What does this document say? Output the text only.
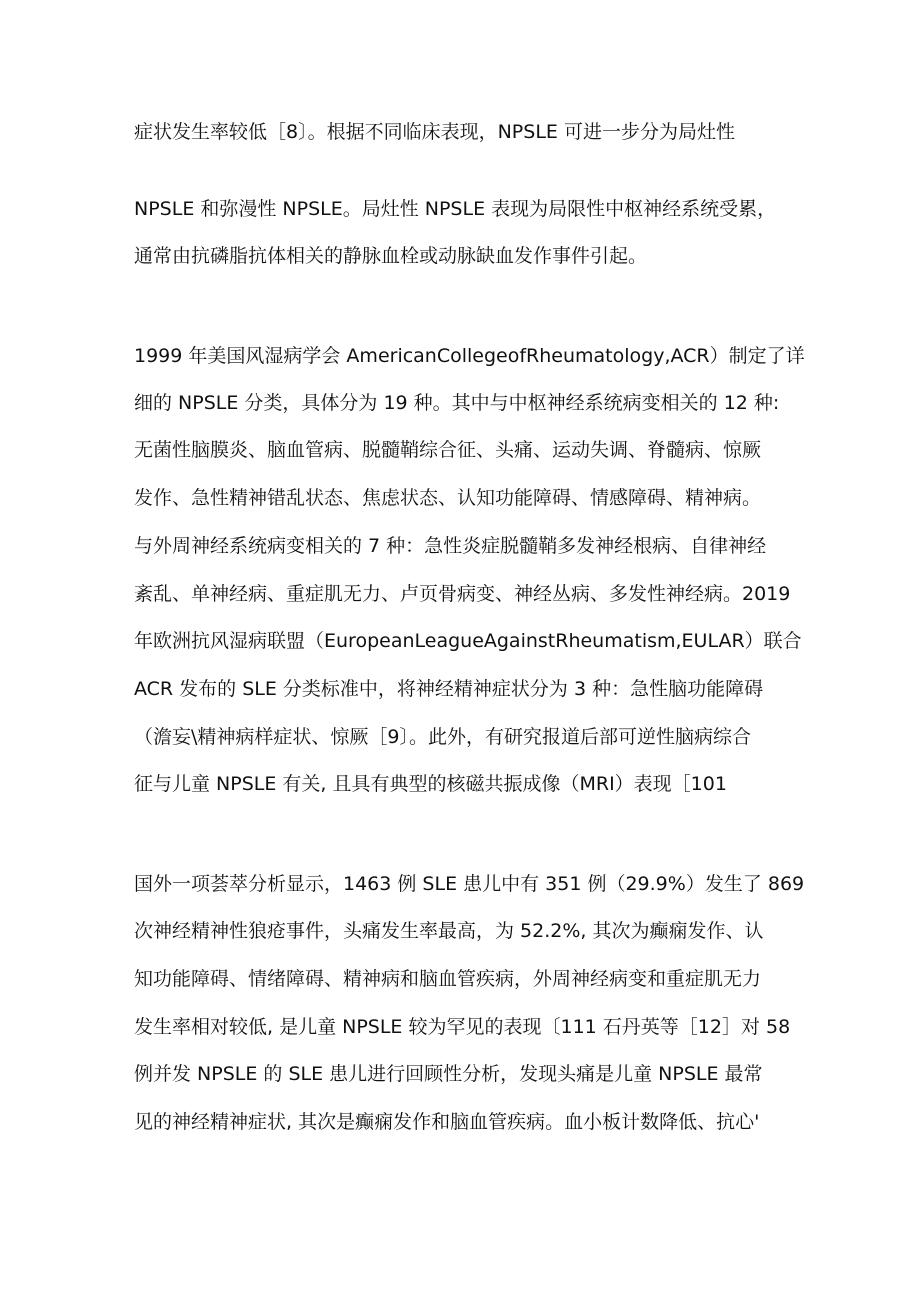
症状发生率较低［8〕。根据不同临床表现，NPSLE 可进一步分为局灶性
NPSLE 和弥漫性 NPSLE。局灶性 NPSLE 表现为局限性中枢神经系统受累，
通常由抗磷脂抗体相关的静脉血栓或动脉缺血发作事件引起。
1999 年美国风湿病学会 AmericanCollegeofRheumatology,ACR）制定了详
细的 NPSLE 分类，具体分为 19 种。其中与中枢神经系统病变相关的 12 种:
无菌性脑膜炎、脑血管病、脱髓鞘综合征、头痛、运动失调、脊髓病、惊厥
发作、急性精神错乱状态、焦虑状态、认知功能障碍、情感障碍、精神病。
与外周神经系统病变相关的 7 种：急性炎症脱髓鞘多发神经根病、自律神经
紊乱、单神经病、重症肌无力、卢页骨病变、神经丛病、多发性神经病。2019
年欧洲抗风湿病联盟（EuropeanLeagueAgainstRheumatism,EULAR）联合
ACR 发布的 SLE 分类标准中，将神经精神症状分为 3 种：急性脑功能障碍
（澹妄\精神病样症状、惊厥［9〕。此外，有研究报道后部可逆性脑病综合
征与儿童 NPSLE 有关, 且具有典型的核磁共振成像（MRI）表现［101
国外一项荟萃分析显示，1463 例 SLE 患儿中有 351 例（29.9%）发生了 869
次神经精神性狼疮事件，头痛发生率最高，为 52.2%, 其次为癫痫发作、认
知功能障碍、情绪障碍、精神病和脑血管疾病，外周神经病变和重症肌无力
发生率相对较低, 是儿童 NPSLE 较为罕见的表现〔111 石丹英等［12］对 58
例并发 NPSLE 的 SLE 患儿进行回顾性分析，发现头痛是儿童 NPSLE 最常
见的神经精神症状, 其次是癫痫发作和脑血管疾病。血小板计数降低、抗心'
